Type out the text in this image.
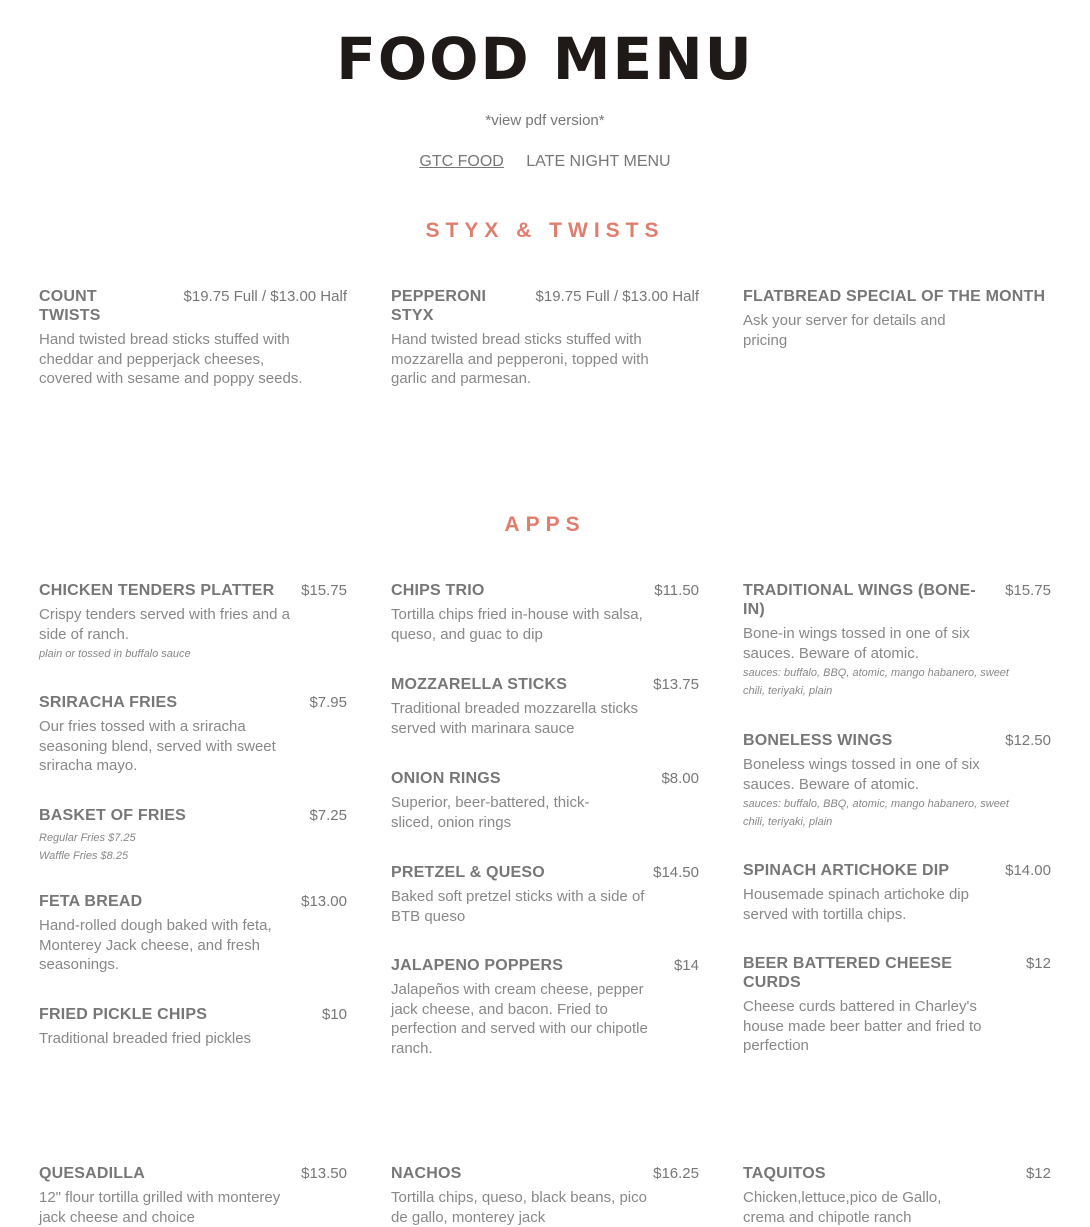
FOOD MENU
*view pdf version*
GTC FOOD LATE NIGHT MENU
STYX & TWISTS
APPS
COUNT TWISTS
$19.75 Full / $13.00 Half
Hand twisted bread sticks stuffed with cheddar and pepperjack cheeses, covered with sesame and poppy seeds.
PEPPERONI STYX
$19.75 Full / $13.00 Half
Hand twisted bread sticks stuffed with mozzarella and pepperoni, topped with garlic and parmesan.
FLATBREAD SPECIAL OF THE MONTH
Ask your server for details and pricing
CHICKEN TENDERS PLATTER	$15.75
Crispy tenders served with fries and a side of ranch.
plain or tossed in buffalo sauce
SRIRACHA FRIES	$7.95
Our fries tossed with a sriracha seasoning blend, served with sweet sriracha mayo.
BASKET OF FRIES	$7.25
Regular Fries $7.25
Waffle Fries $8.25
FETA BREAD	$13.00
Hand-rolled dough baked with feta, Monterey Jack cheese, and fresh seasonings.
FRIED PICKLE CHIPS	$10
Traditional breaded fried pickles
CHIPS TRIO	$11.50
Tortilla chips fried in-house with salsa, queso, and guac to dip
MOZZARELLA STICKS	$13.75
Traditional breaded mozzarella sticks served with marinara sauce
ONION RINGS	$8.00
Superior, beer-battered, thick-sliced, onion rings
PRETZEL & QUESO	$14.50
Baked soft pretzel sticks with a side of BTB queso
JALAPENO POPPERS	$14
Jalapeños with cream cheese, pepper jack cheese, and bacon. Fried to perfection and served with our chipotle ranch.
TRADITIONAL WINGS (BONE-IN)
$15.75
Bone-in wings tossed in one of six sauces. Beware of atomic.
sauces: buffalo, BBQ, atomic, mango habanero, sweet chili, teriyaki, plain
BONELESS WINGS	$12.50
Boneless wings tossed in one of six sauces. Beware of atomic.
sauces: buffalo, BBQ, atomic, mango habanero, sweet chili, teriyaki, plain
SPINACH ARTICHOKE DIP	$14.00
Housemade spinach artichoke dip served with tortilla chips.
BEER BATTERED CHEESE CURDS
$12
Cheese curds battered in Charley's house made beer batter and fried to perfection
QUESADILLA	$13.50
12" flour tortilla grilled with monterey jack cheese and choice
NACHOS	$16.25
Tortilla chips, queso, black beans, pico de gallo, monterey jack
TAQUITOS	$12
Chicken,lettuce,pico de Gallo, crema and chipotle ranch
